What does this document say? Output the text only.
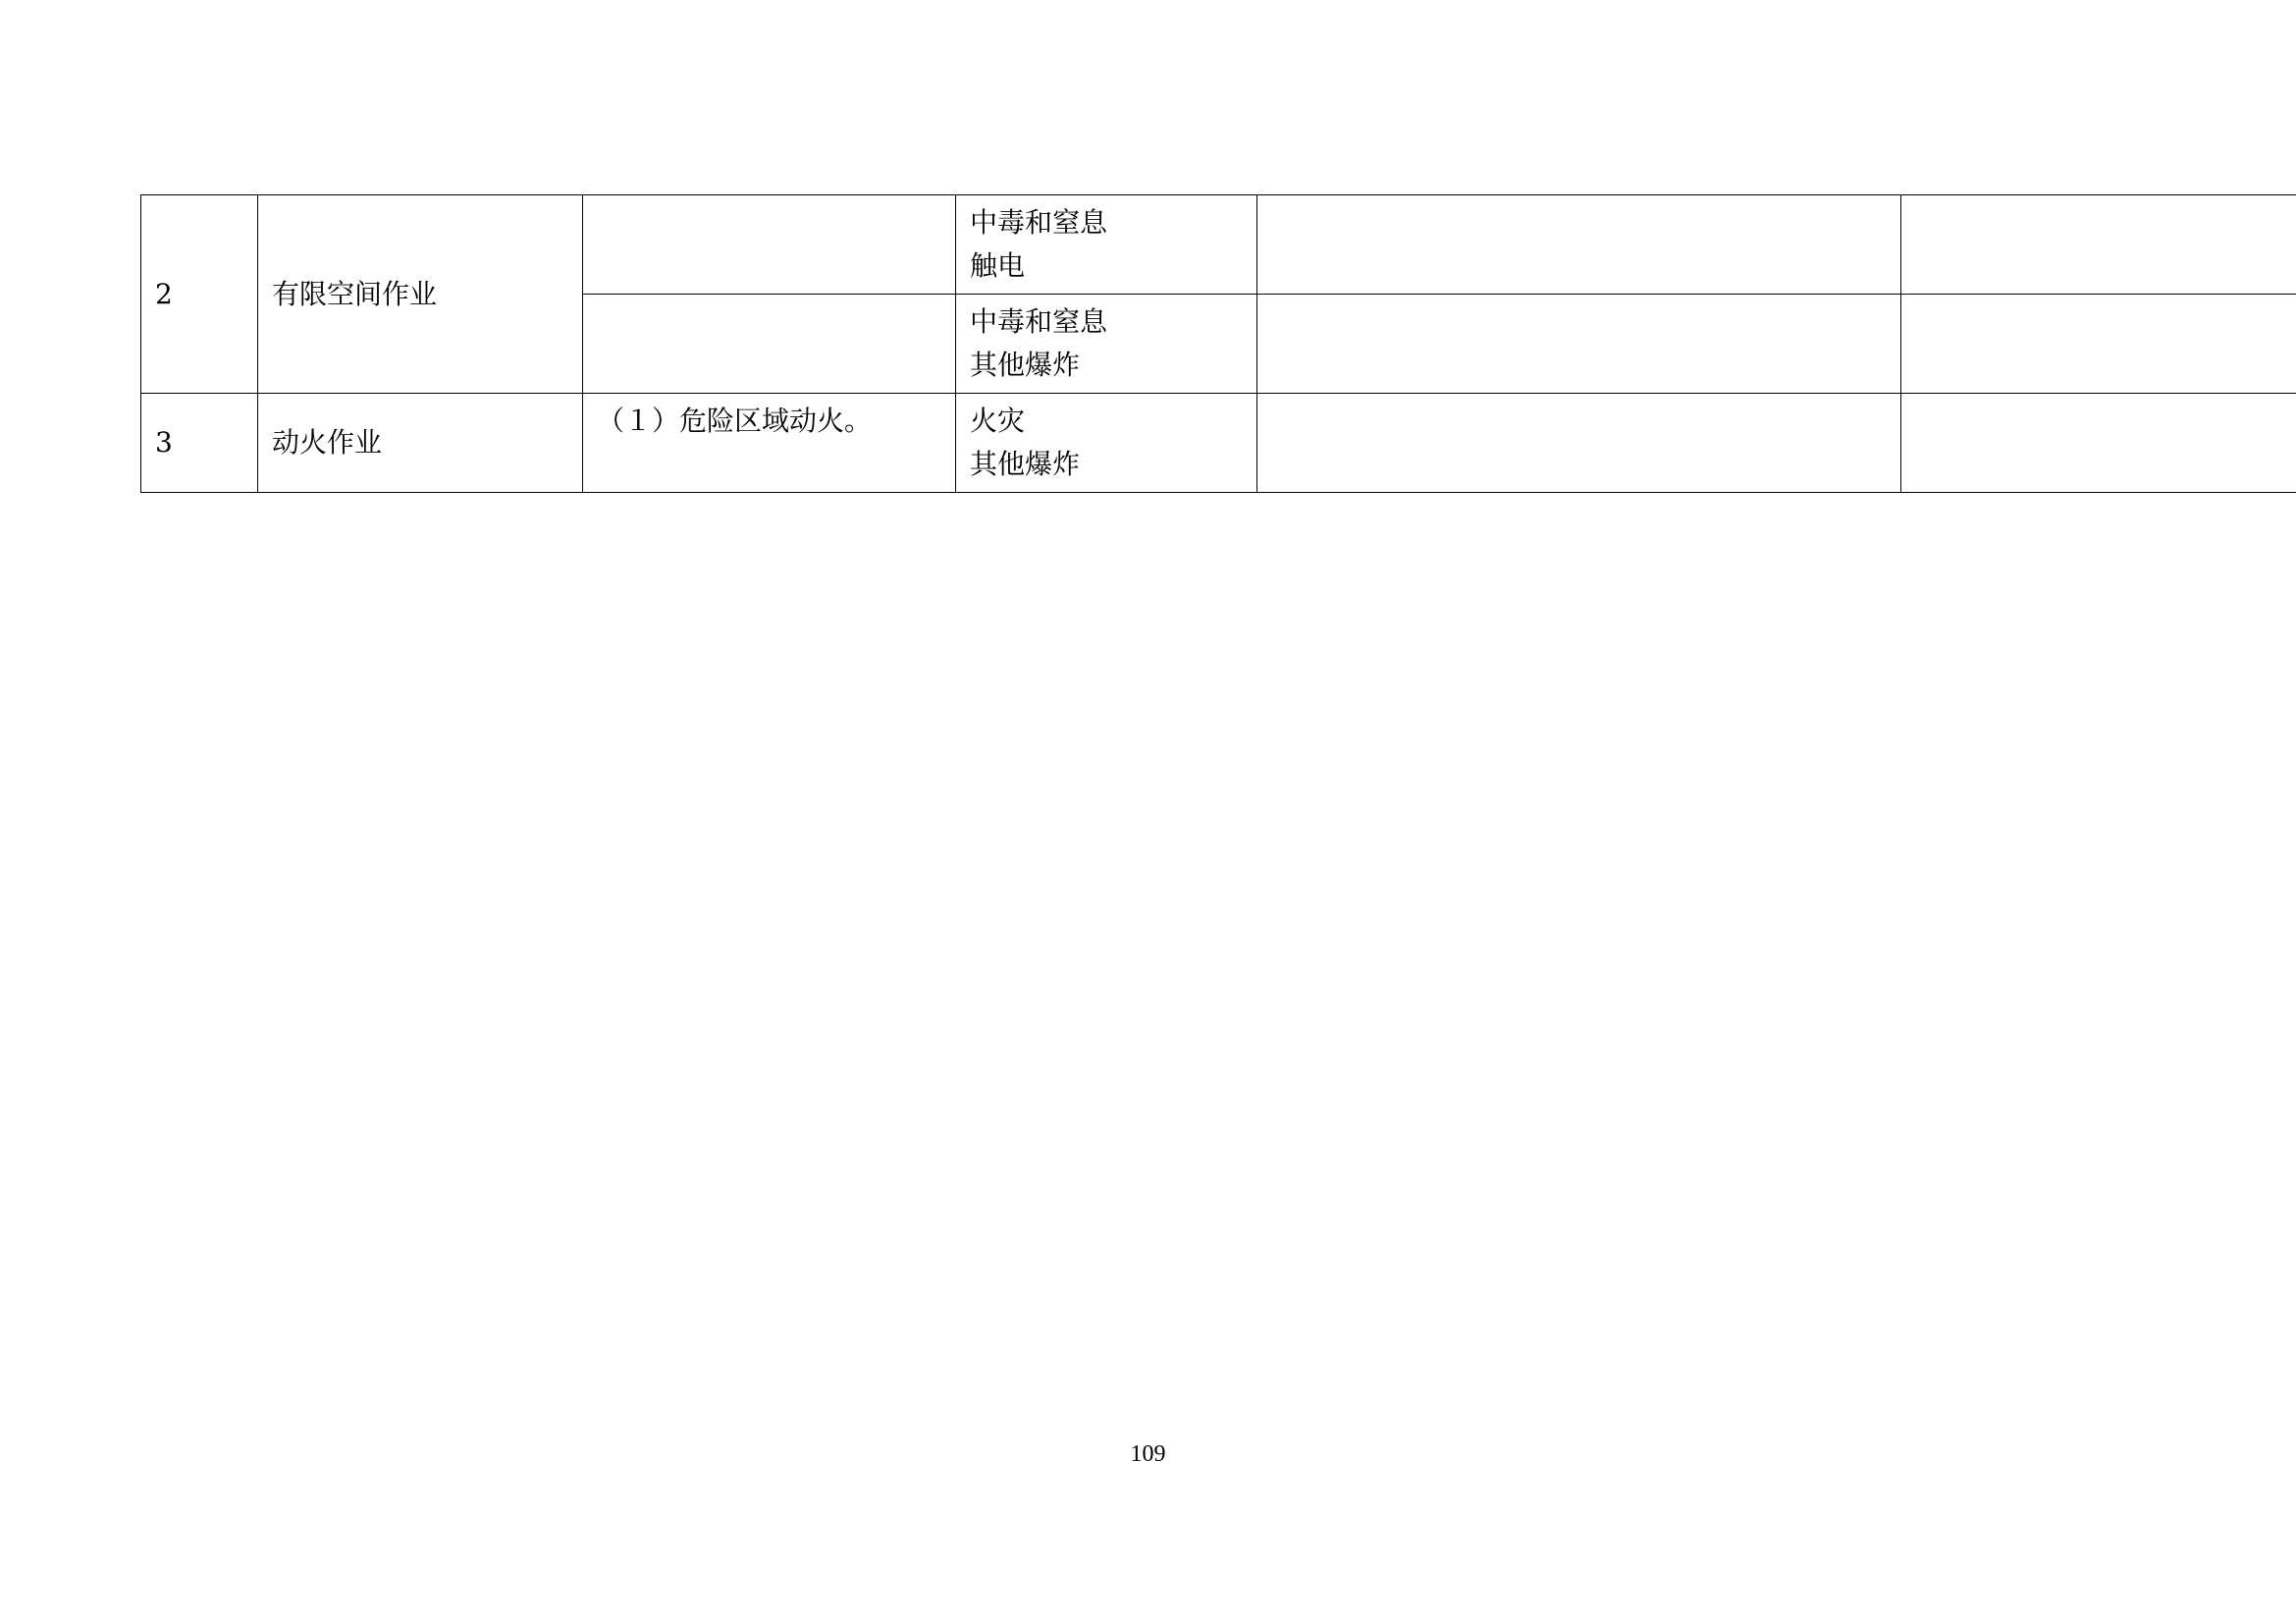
2	有限空间作业		中毒和窒息
触电		
			中毒和窒息
其他爆炸		
3	动火作业	（１）危险区域动火。	火灾
其他爆炸		
109
